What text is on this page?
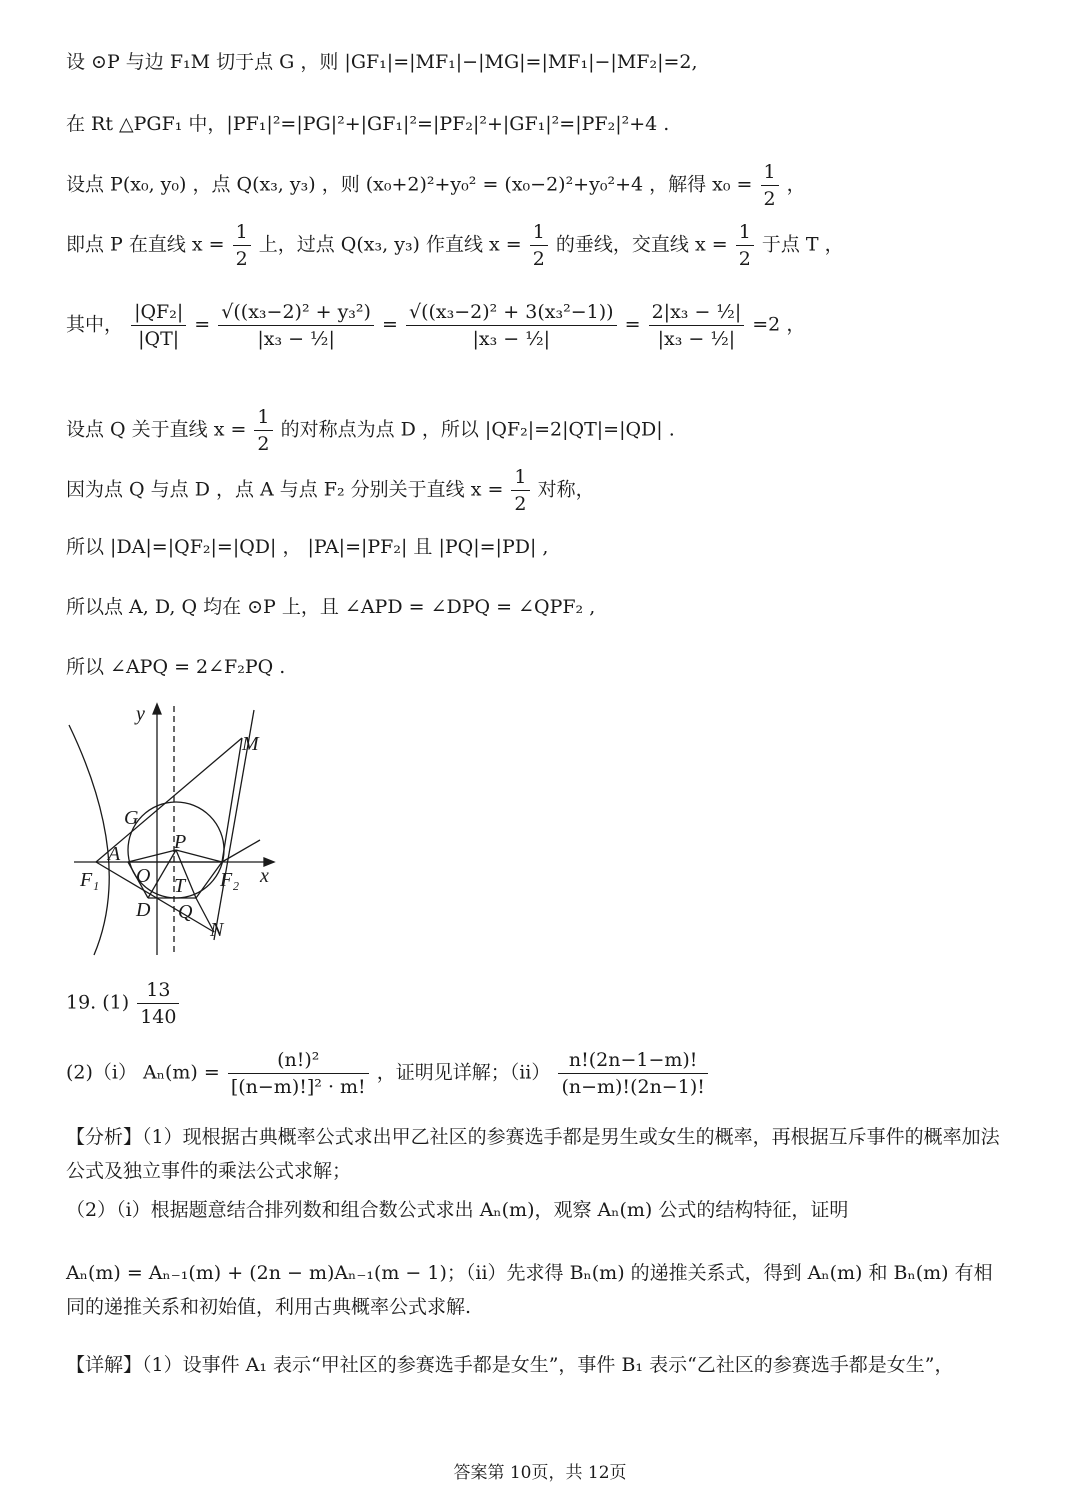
设 ⊙P 与边 F₁M 切于点 G ，则 |GF₁|=|MF₁|−|MG|=|MF₁|−|MF₂|=2,
在 Rt △PGF₁ 中，|PF₁|²=|PG|²+|GF₁|²=|PF₂|²+|GF₁|²=|PF₂|²+4 .
设点 P(x₀, y₀) ，点 Q(x₃, y₃) ，则 (x₀+2)²+y₀² = (x₀−2)²+y₀²+4 ，解得 $x_0 = \frac{1}{2}$ ，
即点 P 在直线 $x = \frac{1}{2}$ 上，过点 Q(x₃, y₃) 作直线 $x = \frac{1}{2}$ 的垂线，交直线 $x = \frac{1}{2}$ 于点 T ，
其中， $\frac{\text{|QF₂|}}{|QT|} = \frac{\text{√((x₃−2)² + y₃²)}}{\text{|x₃ − ½|}} = \frac{\text{√((x₃−2)² + 3(x₃²−1))}}{\text{|x₃ − ½|}} = \frac{\text{2|x₃ − ½|}}{\text{|x₃ − ½|}} =2$ ，
设点 Q 关于直线 $x = \frac{1}{2}$ 的对称点为点 D ，所以 |QF₂|=2|QT|=|QD| .
因为点 Q 与点 D ，点 A 与点 F₂ 分别关于直线 $x = \frac{1}{2}$ 对称，
所以 |DA|=|QF₂|=|QD| ， |PA|=|PF₂| 且 |PQ|=|PD| ,
所以点 A, D, Q 均在 ⊙P 上，且 ∠APD = ∠DPQ = ∠QPF₂ ,
所以 ∠APQ = 2∠F₂PQ .
y
x
M
G
P
A
F₁ O	F₂
T
D Q
N
19. $(1) \frac{13}{140}$
(2)（i） $A_n(m) = \frac{\text{(n!)²}}{\text{[(n−m)!]² · m!}}$ ，证明见详解；$(ii) \frac{n!(2n-1-m)!}{(n-m)!(2n-1)!}$
【分析】（1）现根据古典概率公式求出甲乙社区的参赛选手都是男生或女生的概率，再根据互斥事件的概率加法公式及独立事件的乘法公式求解；
（2）（i）根据题意结合排列数和组合数公式求出 Aₙ(m)，观察 Aₙ(m) 公式的结构特征，证明
Aₙ(m) = Aₙ₋₁(m) + (2n − m)Aₙ₋₁(m − 1)；（ii）先求得 Bₙ(m) 的递推关系式，得到 Aₙ(m) 和 Bₙ(m) 有相同的递推关系和初始值，利用古典概率公式求解.
【详解】（1）设事件 A₁ 表示“甲社区的参赛选手都是女生”，事件 B₁ 表示“乙社区的参赛选手都是女生”，
答案第 10页，共 12页
